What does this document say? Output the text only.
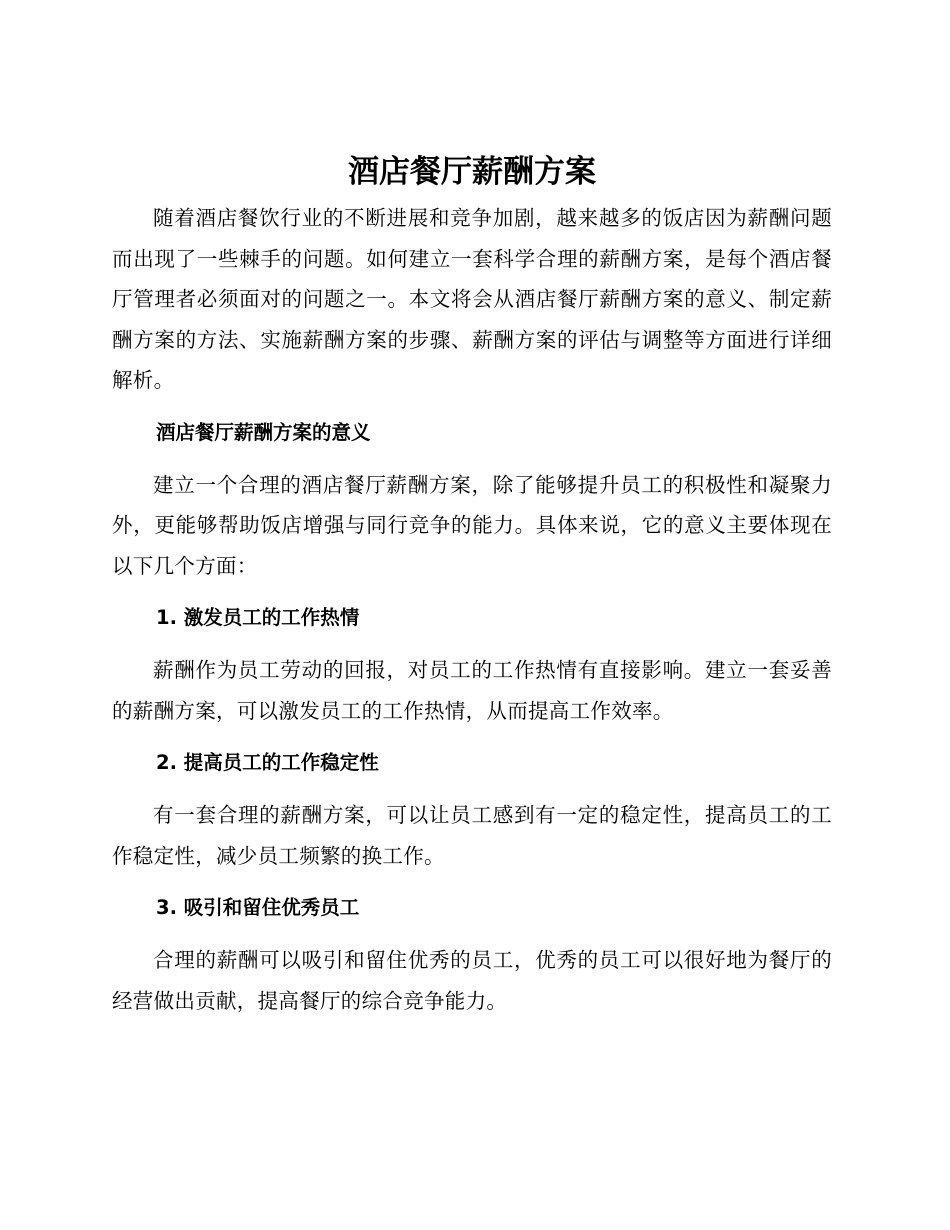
酒店餐厅薪酬方案

随着酒店餐饮行业的不断进展和竞争加剧，越来越多的饭店因为薪酬问题而出现了一些棘手的问题。如何建立一套科学合理的薪酬方案，是每个酒店餐厅管理者必须面对的问题之一。本文将会从酒店餐厅薪酬方案的意义、制定薪酬方案的方法、实施薪酬方案的步骤、薪酬方案的评估与调整等方面进行详细解析。

酒店餐厅薪酬方案的意义

建立一个合理的酒店餐厅薪酬方案，除了能够提升员工的积极性和凝聚力外，更能够帮助饭店增强与同行竞争的能力。具体来说，它的意义主要体现在以下几个方面：

1. 激发员工的工作热情

薪酬作为员工劳动的回报，对员工的工作热情有直接影响。建立一套妥善的薪酬方案，可以激发员工的工作热情，从而提高工作效率。

2. 提高员工的工作稳定性

有一套合理的薪酬方案，可以让员工感到有一定的稳定性，提高员工的工作稳定性，减少员工频繁的换工作。

3. 吸引和留住优秀员工

合理的薪酬可以吸引和留住优秀的员工，优秀的员工可以很好地为餐厅的经营做出贡献，提高餐厅的综合竞争能力。
